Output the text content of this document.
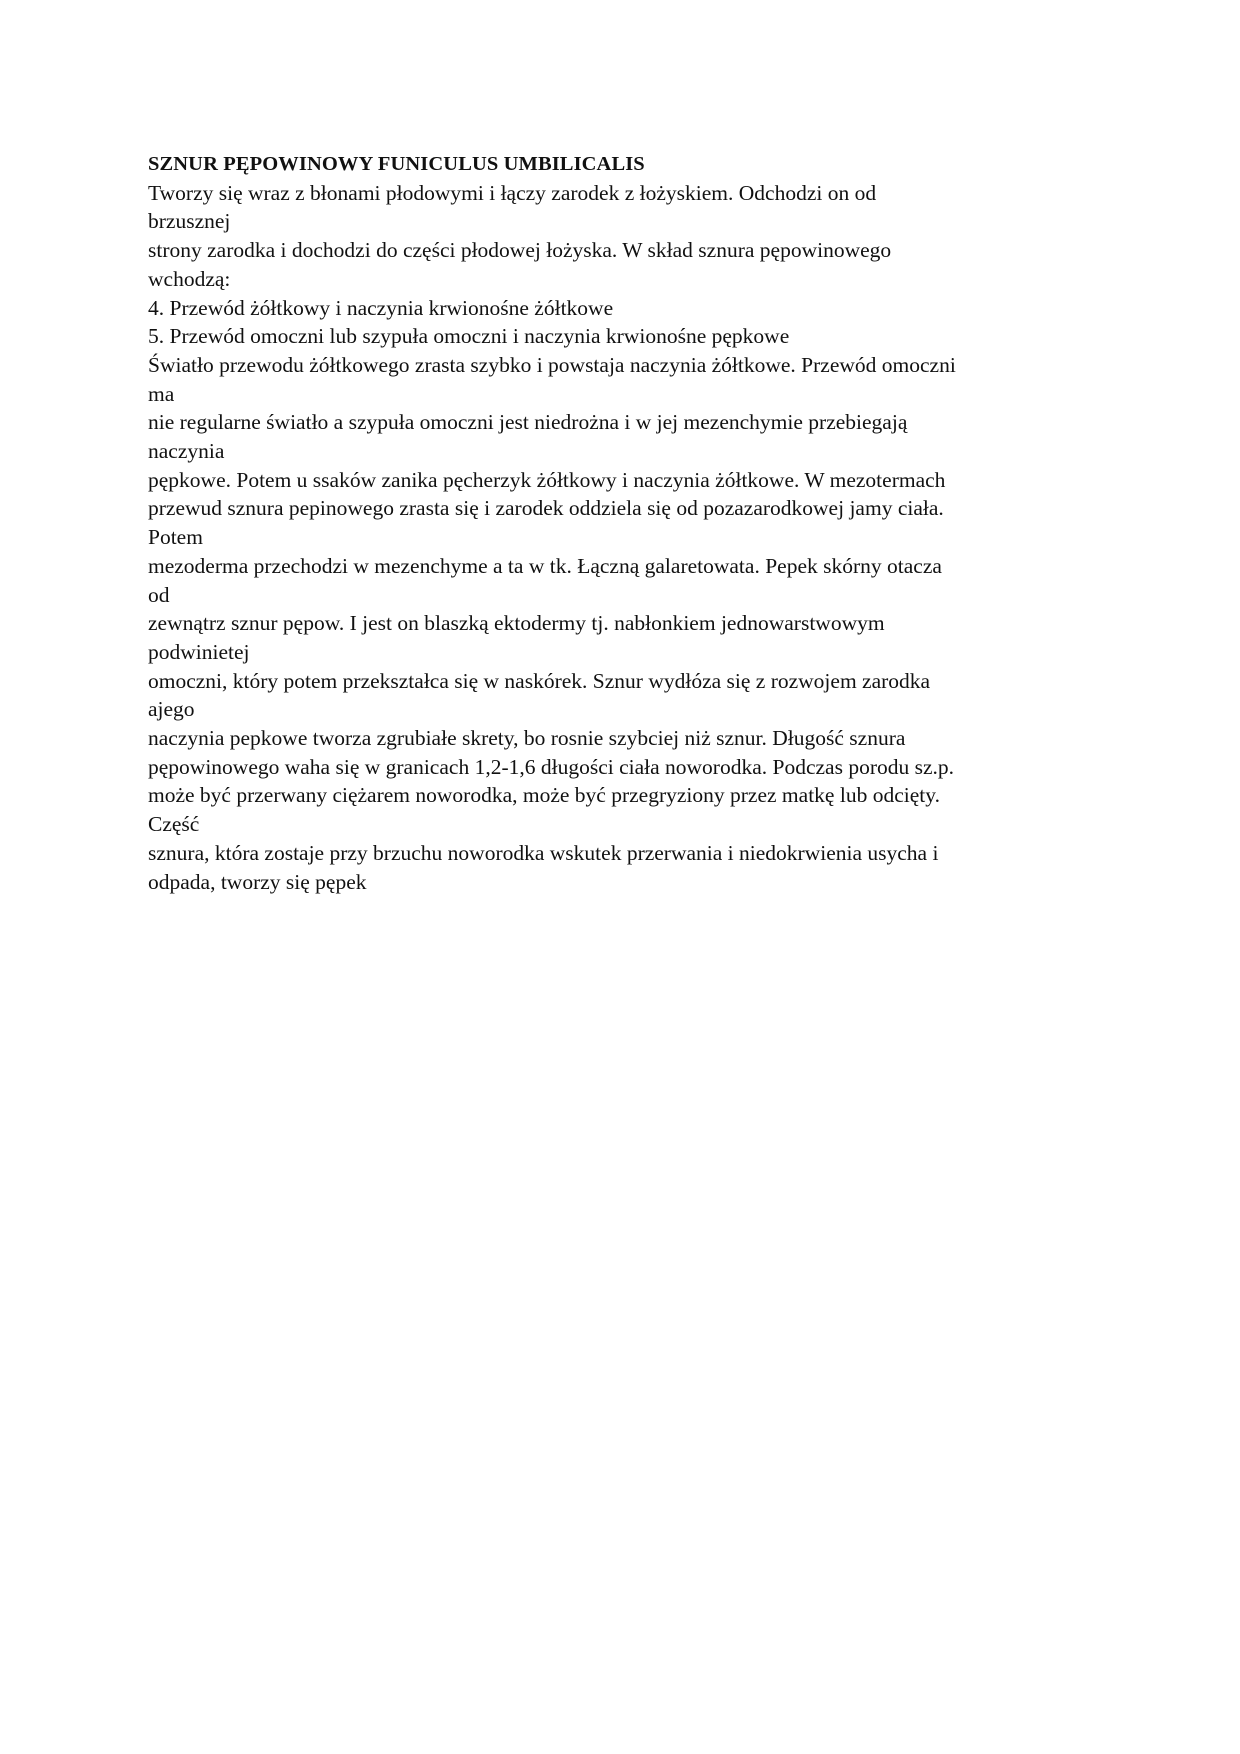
SZNUR PĘPOWINOWY FUNICULUS UMBILICALIS
Tworzy się wraz z błonami płodowymi i łączy zarodek z łożyskiem. Odchodzi on od
brzusznej
strony zarodka i dochodzi do części płodowej łożyska. W skład sznura pępowinowego
wchodzą:
4. Przewód żółtkowy i naczynia krwionośne żółtkowe
5. Przewód omoczni lub szypuła omoczni i naczynia krwionośne pępkowe
Światło przewodu żółtkowego zrasta szybko i powstaja naczynia żółtkowe. Przewód omoczni
ma
nie regularne światło a szypuła omoczni jest niedrożna i w jej mezenchymie przebiegają
naczynia
pępkowe. Potem u ssaków zanika pęcherzyk żółtkowy i naczynia żółtkowe. W mezotermach
przewud sznura pepinowego zrasta się i zarodek oddziela się od pozazarodkowej jamy ciała.
Potem
mezoderma przechodzi w mezenchyme a ta w tk. Łączną galaretowata. Pepek skórny otacza
od
zewnątrz sznur pępow. I jest on blaszką ektodermy tj. nabłonkiem jednowarstwowym
podwinietej
omoczni, który potem przekształca się w naskórek. Sznur wydłóza się z rozwojem zarodka
ajego
naczynia pepkowe tworza zgrubiałe skrety, bo rosnie szybciej niż sznur. Długość sznura
pępowinowego waha się w granicach 1,2-1,6 długości ciała noworodka. Podczas porodu sz.p.
może być przerwany ciężarem noworodka, może być przegryziony przez matkę lub odcięty.
Część
sznura, która zostaje przy brzuchu noworodka wskutek przerwania i niedokrwienia usycha i
odpada, tworzy się pępek
